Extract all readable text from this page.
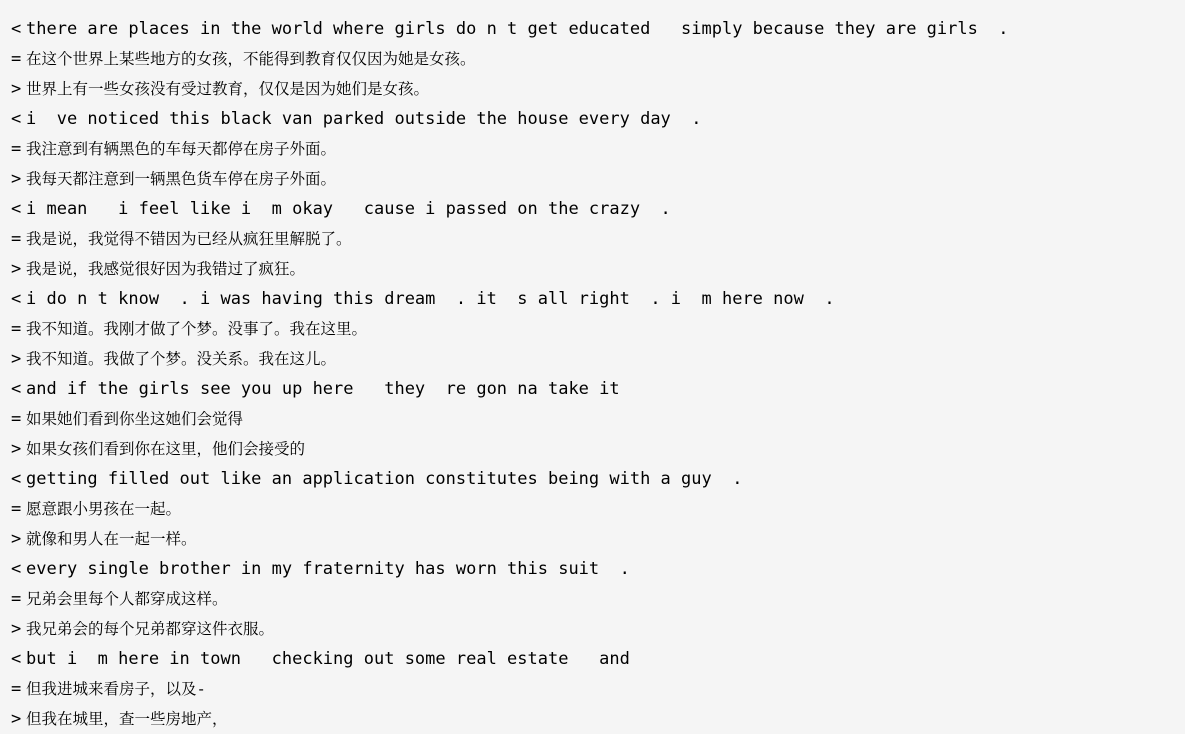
< there are places in the world where girls do n t get educated   simply because they are girls  .
= 在这个世界上某些地方的女孩，不能得到教育仅仅因为她是女孩。
> 世界上有一些女孩没有受过教育，仅仅是因为她们是女孩。
< i  ve noticed this black van parked outside the house every day  .
= 我注意到有辆黑色的车每天都停在房子外面。
> 我每天都注意到一辆黑色货车停在房子外面。
< i mean   i feel like i  m okay   cause i passed on the crazy  .
= 我是说，我觉得不错因为已经从疯狂里解脱了。
> 我是说，我感觉很好因为我错过了疯狂。
< i do n t know  . i was having this dream  . it  s all right  . i  m here now  .
= 我不知道。我刚才做了个梦。没事了。我在这里。
> 我不知道。我做了个梦。没关系。我在这儿。
< and if the girls see you up here   they  re gon na take it
= 如果她们看到你坐这她们会觉得
> 如果女孩们看到你在这里，他们会接受的
< getting filled out like an application constitutes being with a guy  .
= 愿意跟小男孩在一起。
> 就像和男人在一起一样。
< every single brother in my fraternity has worn this suit  .
= 兄弟会里每个人都穿成这样。
> 我兄弟会的每个兄弟都穿这件衣服。
< but i  m here in town   checking out some real estate   and
= 但我进城来看房子，以及-
> 但我在城里，查一些房地产，
